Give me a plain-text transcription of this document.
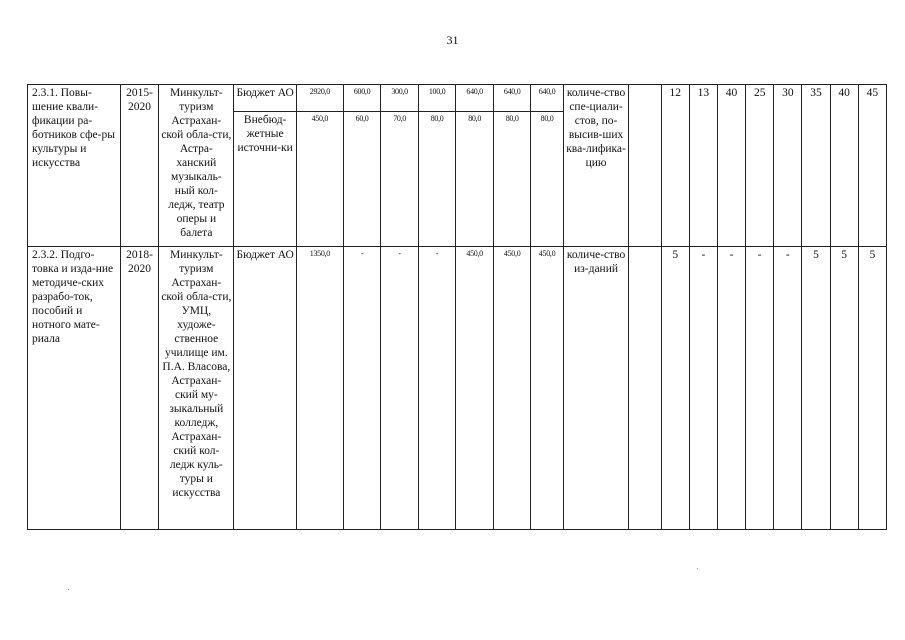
31
2.3.1. Повы-шение квали-фикации ра-ботников сфе-ры культуры и искусства	2015-2020	Минкульт-туризм Астрахан-ской обла-сти, Астра-ханский музыкаль-ный кол-ледж, театр оперы и балета	Бюджет АО	2920,0	600,0	300,0	100,0	640,0	640,0	640,0	количе-ство спе-циали-стов, по-высив-ших ква-лифика-цию		12	13	40	25	30	35	40	45
			Внебюд-жетные источни-ки	450,0	60,0	70,0	80,0	80,0	80,0	80,0										
2.3.2. Подго-товка и изда-ние методиче-ских разрабо-ток, пособий и нотного мате-риала	2018-2020	Минкульт-туризм Астрахан-ской обла-сти, УМЦ, художе-ственное училище им. П.А. Власова, Астрахан-ский му-зыкальный колледж, Астрахан-ский кол-ледж куль-туры и искусства	Бюджет АО	1350,0	-	-	-	450,0	450,0	450,0	количе-ство из-даний		5	-	-	-	-	5	5	5
